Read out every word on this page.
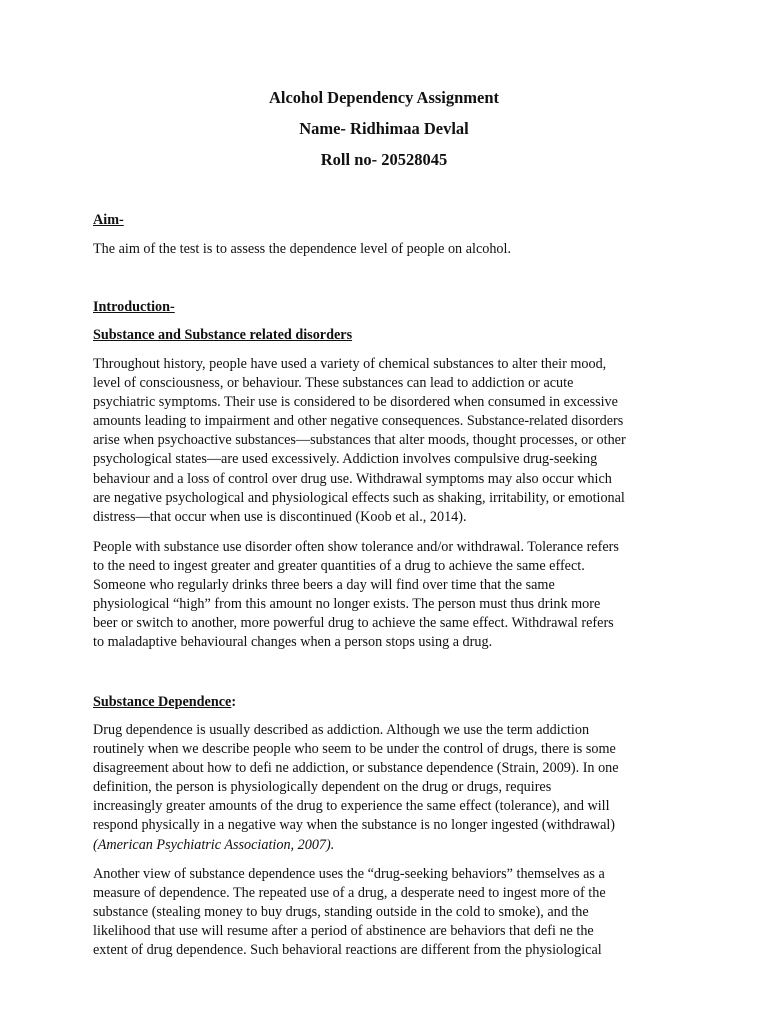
Alcohol Dependency Assignment

Name- Ridhimaa Devlal

Roll no- 20528045

Aim-

The aim of the test is to assess the dependence level of people on alcohol.

Introduction-

Substance and Substance related disorders

Throughout history, people have used a variety of chemical substances to alter their mood,
level of consciousness, or behaviour. These substances can lead to addiction or acute
psychiatric symptoms. Their use is considered to be disordered when consumed in excessive
amounts leading to impairment and other negative consequences. Substance-related disorders
arise when psychoactive substances—substances that alter moods, thought processes, or other
psychological states—are used excessively. Addiction involves compulsive drug-seeking
behaviour and a loss of control over drug use. Withdrawal symptoms may also occur which
are negative psychological and physiological effects such as shaking, irritability, or emotional
distress—that occur when use is discontinued (Koob et al., 2014).
People with substance use disorder often show tolerance and/or withdrawal. Tolerance refers
to the need to ingest greater and greater quantities of a drug to achieve the same effect.
Someone who regularly drinks three beers a day will find over time that the same
physiological “high” from this amount no longer exists. The person must thus drink more
beer or switch to another, more powerful drug to achieve the same effect. Withdrawal refers
to maladaptive behavioural changes when a person stops using a drug.

Substance Dependence:

Drug dependence is usually described as addiction. Although we use the term addiction
routinely when we describe people who seem to be under the control of drugs, there is some
disagreement about how to defi ne addiction, or substance dependence (Strain, 2009). In one
definition, the person is physiologically dependent on the drug or drugs, requires
increasingly greater amounts of the drug to experience the same effect (tolerance), and will
respond physically in a negative way when the substance is no longer ingested (withdrawal)
(American Psychiatric Association, 2007).
Another view of substance dependence uses the “drug-seeking behaviors” themselves as a
measure of dependence. The repeated use of a drug, a desperate need to ingest more of the
substance (stealing money to buy drugs, standing outside in the cold to smoke), and the
likelihood that use will resume after a period of abstinence are behaviors that defi ne the
extent of drug dependence. Such behavioral reactions are different from the physiological
